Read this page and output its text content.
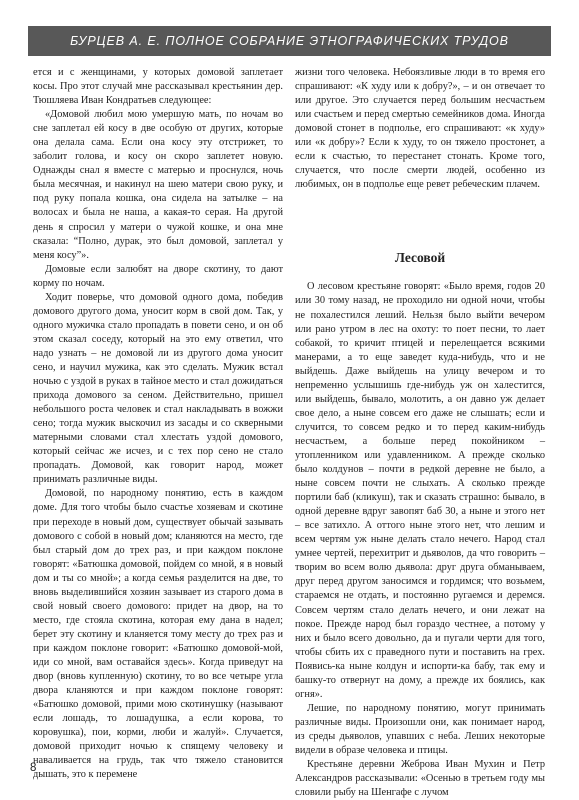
БУРЦЕВ А. Е. ПОЛНОЕ СОБРАНИЕ ЭТНОГРАФИЧЕСКИХ ТРУДОВ

ется и с женщинами, у которых домовой заплетает косы. Про этот случай мне рассказывал крестьянин дер. Тюшляева Иван Кондратьев следующее:

«Домовой любил мою умершую мать, по ночам во сне заплетал ей косу в две особую от других, которые она делала сама. Если она косу эту отстрижет, то заболит голова, и косу он скоро заплетет новую. Однажды снал я вместе с матерью и проснулся, ночь была месячная, и накинул на шею матери свою руку, и под руку попала кошка, она сидела на затылке – на волосах и была не наша, а какая-то серая. На другой день я спросил у матери о чужой кошке, и она мне сказала: “Полно, дурак, это был домовой, заплетал у меня косу”».

Домовые если залюбят на дворе скотину, то дают корму по ночам.

Ходит поверье, что домовой одного дома, победив домового другого дома, уносит корм в свой дом. Так, у одного мужичка стало пропадать в повети сено, и он об этом сказал соседу, который на это ему ответил, что надо узнать – не домовой ли из другого дома уносит сено, и научил мужика, как это сделать. Мужик встал ночью с уздой в руках в тайное место и стал дожидаться прихода домового за сеном. Действительно, пришел небольшого роста человек и стал накладывать в вожжи сено; тогда мужик выскочил из засады и со скверными матерными словами стал хлестать уздой домового, который сейчас же исчез, и с тех пор сено не стало пропадать. Домовой, как говорит народ, может принимать различные виды.

Домовой, по народному понятию, есть в каждом доме. Для того чтобы было счастье хозяевам и скотине при переходе в новый дом, существует обычай зазывать домового с собой в новый дом; кланяются на место, где был старый дом до трех раз, и при каждом поклоне говорят: «Батюшка домовой, пойдем со мной, я в новый дом и ты со мной»; а когда семья разделится на две, то вновь выделившийся хозяин зазывает из старого дома в свой новый своего домового: придет на двор, на то место, где стояла скотина, которая ему дана в надел; берет эту скотину и кланяется тому месту до трех раз и при каждом поклоне говорит: «Батюшко домовой-мой, иди со мной, вам оставайся здесь». Когда приведут на двор (вновь купленную) скотину, то во все четыре угла двора кланяются и при каждом поклоне говорят: «Батюшко домовой, прими мою скотинушку (называют если лошадь, то лошадушка, а если корова, то коровушка), пои, корми, люби и жалуй». Случается, домовой приходит ночью к спящему человеку и наваливается на грудь, так что тяжело становится дышать, это к перемене

жизни того человека. Небоязливые люди в то время его спрашивают: «К худу или к добру?», – и он отвечает то или другое. Это случается перед большим несчастьем или счастьем и перед смертью семейников дома. Иногда домовой стонет в подполье, его спрашивают: «к худу» или «к добру»? Если к худу, то он тяжело простонет, а если к счастью, то перестанет стонать. Кроме того, случается, что после смерти людей, особенно из любимых, он в подполье еще ревет ребеческим плачем.

Лесовой

О лесовом крестьяне говорят: «Было время, годов 20 или 30 тому назад, не проходило ни одной ночи, чтобы не похалестился леший. Нельзя было выйти вечером или рано утром в лес на охоту: то поет песни, то лает собакой, то кричит птицей и перелещается всякими манерами, а то еще заведет куда-нибудь, что и не выйдешь. Даже выйдешь на улицу вечером и то непременно услышишь где-нибудь уж он халестится, или выйдешь, бывало, молотить, а он давно уж делает свое дело, а ныне совсем его даже не слышать; если и случится, то совсем редко и то перед каким-нибудь несчастьем, а больше перед покойником – утопленником или удавленником. А прежде сколько было колдунов – почти в редкой деревне не было, а ныне совсем почти не слыхать. А сколько прежде портили баб (кликуш), так и сказать страшно: бывало, в одной деревне вдруг завопят баб 30, а ныне и этого нет – все затихло. А оттого ныне этого нет, что лешим и всем чертям уж ныне делать стало нечего. Народ стал умнее чертей, перехитрит и дьяволов, да что говорить – творим во всем волю дьявола: друг друга обманываем, друг перед другом заносимся и гордимся; что возьмем, стараемся не отдать, и постоянно ругаемся и деремся. Совсем чертям стало делать нечего, и они лежат на покое. Прежде народ был гораздо честнее, а потому у них и было всего довольно, да и пугали черти для того, чтобы сбить их с праведного пути и поставить на грех. Появись-ка ныне колдун и испорти-ка бабу, так ему и башку-то отвернут на дому, а прежде их боялись, как огня».

Лешие, по народному понятию, могут принимать различные виды. Произошли они, как понимает народ, из среды дьяволов, упавших с неба. Леших некоторые видели в образе человека и птицы.

Крестьяне деревни Жеброва Иван Мухин и Петр Александров рассказывали: «Осенью в третьем году мы словили рыбу на Шенгафе с лучом

8
